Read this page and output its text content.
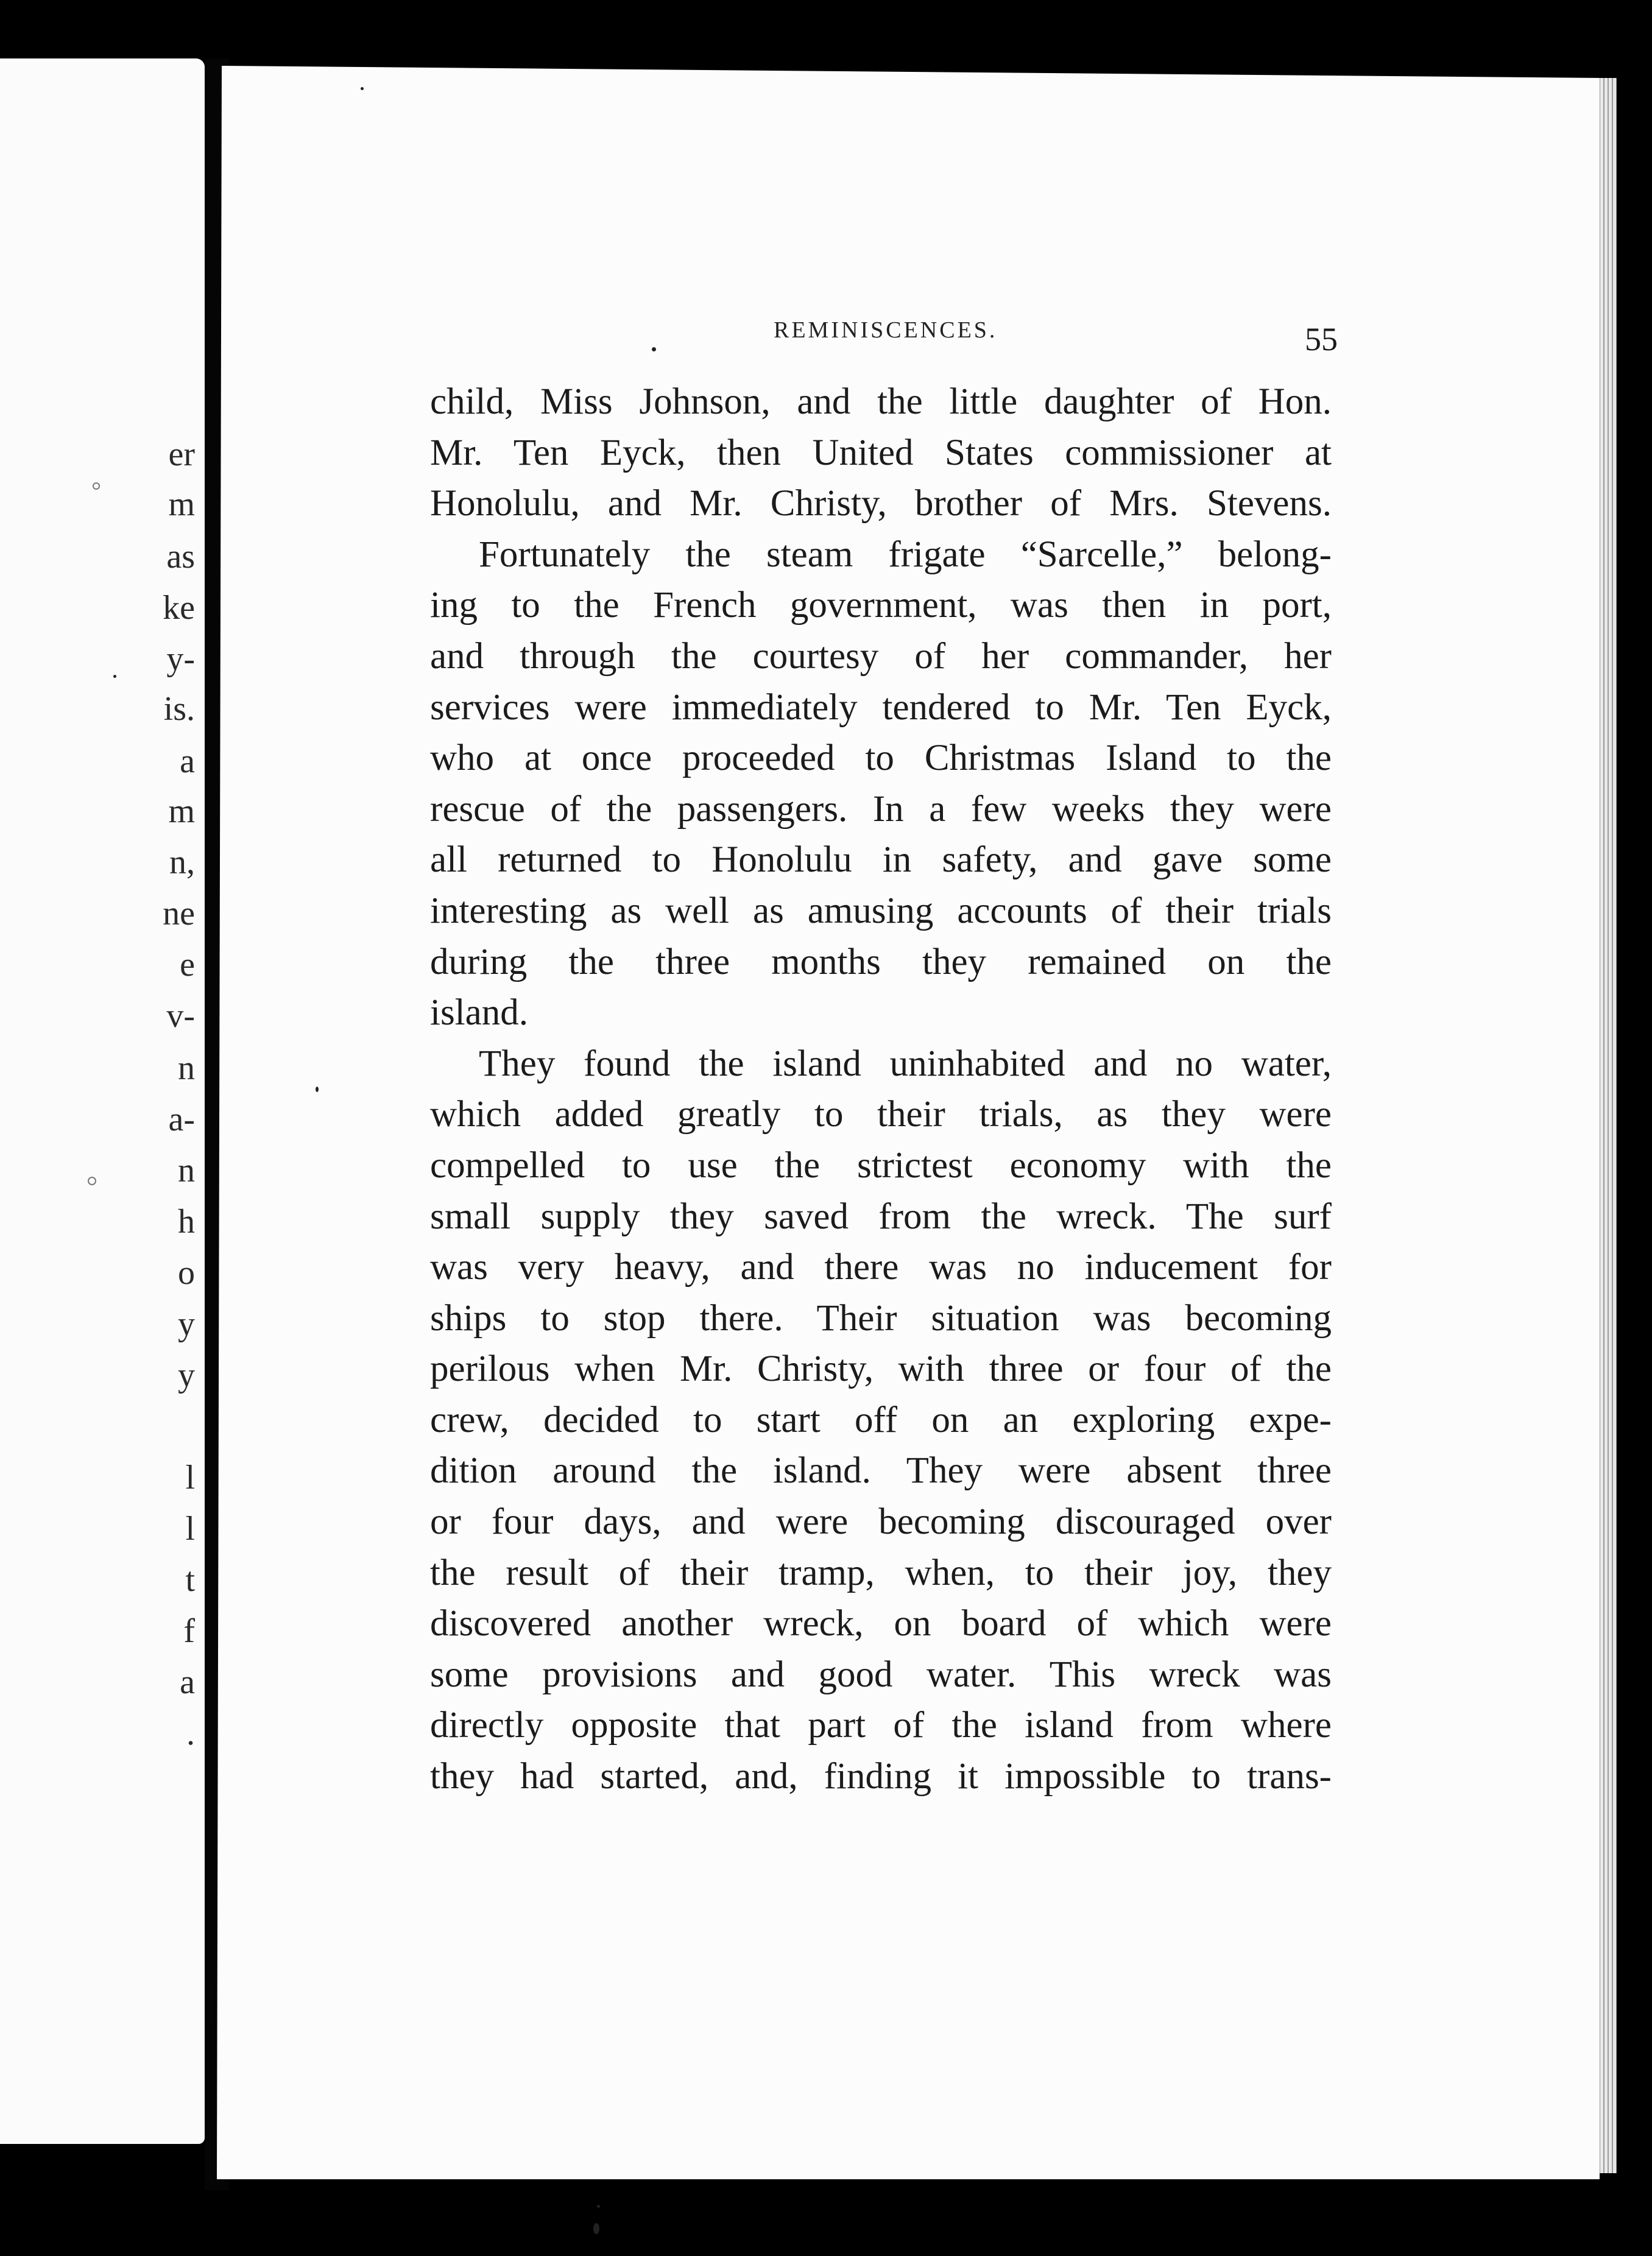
er
m
as
ke
y-
is.
a
m
n,
ne
e
v-
n
a-
n
h
o
y
y
l
l
t
f
a
.
REMINISCENCES.	55
child, Miss Johnson, and the little daughter of Hon.
Mr. Ten Eyck, then United States commissioner at
Honolulu, and Mr. Christy, brother of Mrs. Stevens.
Fortunately the steam frigate “Sarcelle,” belong-
ing to the French government, was then in port,
and through the courtesy of her commander, her
services were immediately tendered to Mr. Ten Eyck,
who at once proceeded to Christmas Island to the
rescue of the passengers. In a few weeks they were
all returned to Honolulu in safety, and gave some
interesting as well as amusing accounts of their trials
during the three months they remained on the
island.
They found the island uninhabited and no water,
which added greatly to their trials, as they were
compelled to use the strictest economy with the
small supply they saved from the wreck. The surf
was very heavy, and there was no inducement for
ships to stop there. Their situation was becoming
perilous when Mr. Christy, with three or four of the
crew, decided to start off on an exploring expe-
dition around the island. They were absent three
or four days, and were becoming discouraged over
the result of their tramp, when, to their joy, they
discovered another wreck, on board of which were
some provisions and good water. This wreck was
directly opposite that part of the island from where
they had started, and, finding it impossible to trans-
